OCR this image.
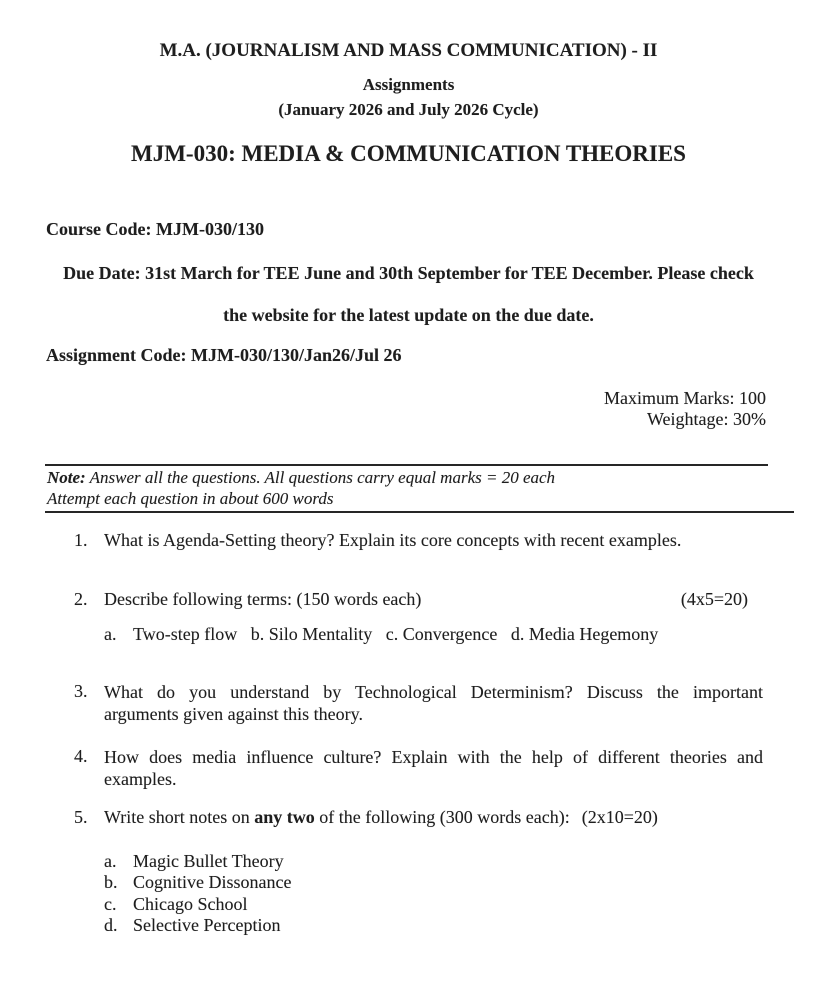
M.A. (JOURNALISM AND MASS COMMUNICATION) - II
Assignments
(January 2026 and July 2026 Cycle)
MJM-030: MEDIA & COMMUNICATION THEORIES
Course Code: MJM-030/130
Due Date: 31st March for TEE June and 30th September for TEE December. Please check
the website for the latest update on the due date.
Assignment Code: MJM-030/130/Jan26/Jul 26
Maximum Marks: 100
Weightage: 30%
Note: Answer all the questions. All questions carry equal marks = 20 each
Attempt each question in about 600 words
1. What is Agenda-Setting theory? Explain its core concepts with recent examples.
2. Describe following terms: (150 words each)	(4x5=20)
a. Two-step flow   b. Silo Mentality   c. Convergence   d. Media Hegemony
3. What do you understand by Technological Determinism? Discuss the important
arguments given against this theory.
4. How does media influence culture? Explain with the help of different theories and
examples.
5. Write short notes on any two of the following (300 words each): (2x10=20)
a. Magic Bullet Theory
b. Cognitive Dissonance
c. Chicago School
d. Selective Perception
